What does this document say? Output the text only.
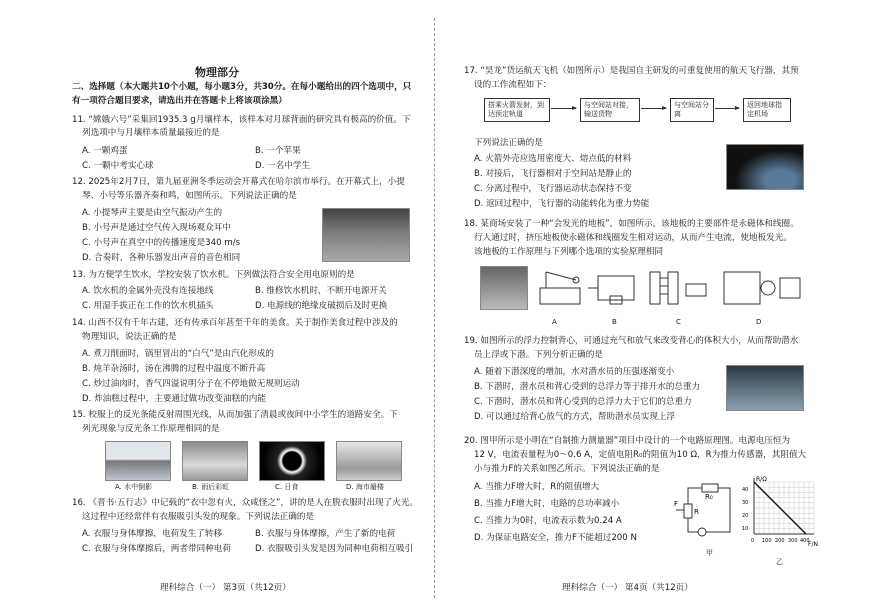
物理部分
二、选择题（本大题共10个小题，每小题3分，共30分。在每小题给出的四个选项中，只
有一项符合题目要求，请选出并在答题卡上将该项涂黑）
11. “嫦娥六号”采集回1935.3 g月壤样本，该样本对月球背面的研究具有极高的价值。下
列选项中与月壤样本质量最接近的是
A. 一颗鸡蛋	B. 一个苹果
C. 一颗中考实心球	D. 一名中学生
12. 2025年2月7日，第九届亚洲冬季运动会开幕式在哈尔滨市举行。在开幕式上，小提
琴、小号等乐器齐奏和鸣，如图所示。下列说法正确的是
A. 小提琴声主要是由空气振动产生的
B. 小号声是通过空气传入现场观众耳中
C. 小号声在真空中的传播速度是340 m/s
D. 合奏时，各种乐器发出声音的音色相同
13. 为方便学生饮水，学校安装了饮水机。下列做法符合安全用电原则的是
A. 饮水机的金属外壳没有连接地线	B. 维修饮水机时，不断开电源开关
C. 用湿手拔正在工作的饮水机插头	D. 电源线的绝缘皮破损后及时更换
14. 山西不仅有千年古建，还有传承百年甚至千年的美食。关于制作美食过程中涉及的
物理知识，说法正确的是
A. 煮刀削面时，锅里冒出的“白气”是由汽化形成的
B. 炖羊杂汤时，汤在沸腾的过程中温度不断升高
C. 炒过油肉时，香气四溢说明分子在不停地做无规则运动
D. 炸油糕过程中，主要通过做功改变油糕的内能
15. 校服上的反光条能反射周围光线，从而加强了清晨或夜间中小学生的道路安全。下
列光现象与反光条工作原理相同的是
A. 水中倒影	B. 雨后彩虹	C. 日食	D. 海市蜃楼
16. 《晋书·五行志》中记载的“衣中忽有火，众咸怪之”，讲的是人在脱衣服时出现了火光。
这过程中还经常伴有衣服吸引头发的现象。下列说法正确的是
A. 衣服与身体摩擦，电荷发生了转移	B. 衣服与身体摩擦，产生了新的电荷
C. 衣服与身体摩擦后，两者带同种电荷	D. 衣服吸引头发是因为同种电荷相互吸引
理科综合（一） 第3页（共12页）
17. “昊龙”货运航天飞机（如图所示）是我国自主研发的可重复使用的航天飞行器，其预
设的工作流程如下：
搭乘火箭发射，到达预定轨道
与空间站对接，输送货物
与空间站分离
返回地球指定机场
下列说法正确的是
A. 火箭外壳应选用密度大、熔点低的材料
B. 对接后，飞行器相对于空间站是静止的
C. 分离过程中，飞行器运动状态保持不变
D. 返回过程中，飞行器的动能转化为重力势能
18. 某商场安装了一种“会发光的地板”，如图所示，该地板的主要部件是永磁体和线圈。
行人通过时，挤压地板使永磁体和线圈发生相对运动，从而产生电流，使地板发光。
该地板的工作原理与下列哪个选项的实验原理相同
A	B	C	D
19. 如图所示的浮力控制背心，可通过充气和放气来改变背心的体积大小，从而帮助潜水
员上浮或下潜。下列分析正确的是
A. 随着下潜深度的增加，水对潜水员的压强逐渐变小
B. 下潜时，潜水员和背心受到的总浮力等于排开水的总重力
C. 下潜时，潜水员和背心受到的总浮力大于它们的总重力
D. 可以通过给背心放气的方式，帮助潜水员实现上浮
20. 图甲所示是小明在“自制推力测量器”项目中设计的一个电路原理图。电源电压恒为
12 V，电流表量程为0～0.6 A，定值电阻R₀的阻值为10 Ω，R为推力传感器，其阻值大
小与推力F的关系如图乙所示。下列说法正确的是
A. 当推力F增大时，R的阻值增大
B. 当推力F增大时，电路的总功率减小
C. 当推力为0时，电流表示数为0.24 A
D. 为保证电路安全，推力F不能超过200 N
F
R
R₀
甲
R/Ω
F/N
40
30
20
10
0 100 200 300 400
乙
理科综合（一） 第4页（共12页）
